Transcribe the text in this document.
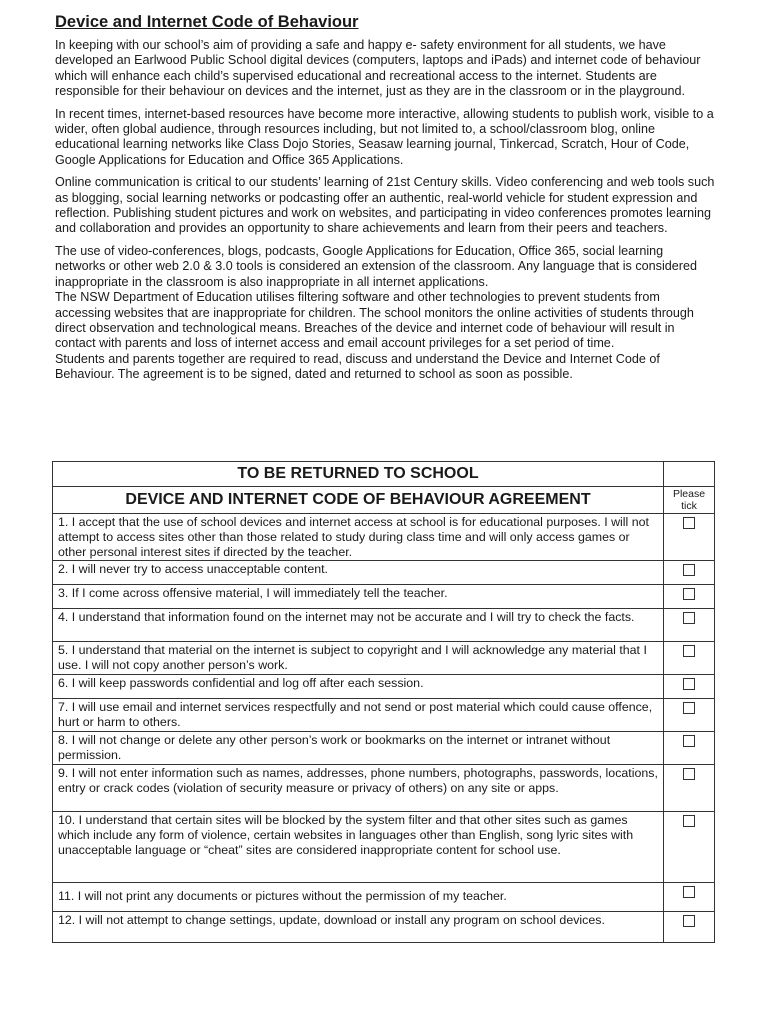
Device and Internet Code of Behaviour

In keeping with our school’s aim of providing a safe and happy e- safety environment for all students, we have developed an Earlwood Public School digital devices (computers, laptops and iPads) and internet code of behaviour which will enhance each child’s supervised educational and recreational access to the internet. Students are responsible for their behaviour on devices and the internet, just as they are in the classroom or in the playground.

In recent times, internet-based resources have become more interactive, allowing students to publish work, visible to a wider, often global audience, through resources including, but not limited to, a school/classroom blog, online educational learning networks like Class Dojo Stories, Seasaw learning journal, Tinkercad, Scratch, Hour of Code, Google Applications for Education and Office 365 Applications.

Online communication is critical to our students’ learning of 21st Century skills. Video conferencing and web tools such as blogging, social learning networks or podcasting offer an authentic, real-world vehicle for student expression and reflection. Publishing student pictures and work on websites, and participating in video conferences promotes learning and collaboration and provides an opportunity to share achievements and learn from their peers and teachers.

The use of video-conferences, blogs, podcasts, Google Applications for Education, Office 365, social learning networks or other web 2.0 & 3.0 tools is considered an extension of the classroom. Any language that is considered inappropriate in the classroom is also inappropriate in all internet applications.

The NSW Department of Education utilises filtering software and other technologies to prevent students from accessing websites that are inappropriate for children. The school monitors the online activities of students through direct observation and technological means. Breaches of the device and internet code of behaviour will result in contact with parents and loss of internet access and email account privileges for a set period of time.

Students and parents together are required to read, discuss and understand the Device and Internet Code of Behaviour. The agreement is to be signed, dated and returned to school as soon as possible.

TO BE RETURNED TO SCHOOL	
DEVICE AND INTERNET CODE OF BEHAVIOUR AGREEMENT	Please tick
1. I accept that the use of school devices and internet access at school is for educational purposes. I will not attempt to access sites other than those related to study during class time and will only access games or other personal interest sites if directed by the teacher.	
2. I will never try to access unacceptable content.	
3. If I come across offensive material, I will immediately tell the teacher.	
4. I understand that information found on the internet may not be accurate and I will try to check the facts.	
5. I understand that material on the internet is subject to copyright and I will acknowledge any material that I use. I will not copy another person’s work.	
6. I will keep passwords confidential and log off after each session.	
7. I will use email and internet services respectfully and not send or post material which could cause offence, hurt or harm to others.	
8. I will not change or delete any other person’s work or bookmarks on the internet or intranet without permission.	
9. I will not enter information such as names, addresses, phone numbers, photographs, passwords, locations, entry or crack codes (violation of security measure or privacy of others) on any site or apps.	
10. I understand that certain sites will be blocked by the system filter and that other sites such as games which include any form of violence, certain websites in languages other than English, song lyric sites with unacceptable language or “cheat” sites are considered inappropriate content for school use.	
11. I will not print any documents or pictures without the permission of my teacher.	
12. I will not attempt to change settings, update, download or install any program on school devices.	
